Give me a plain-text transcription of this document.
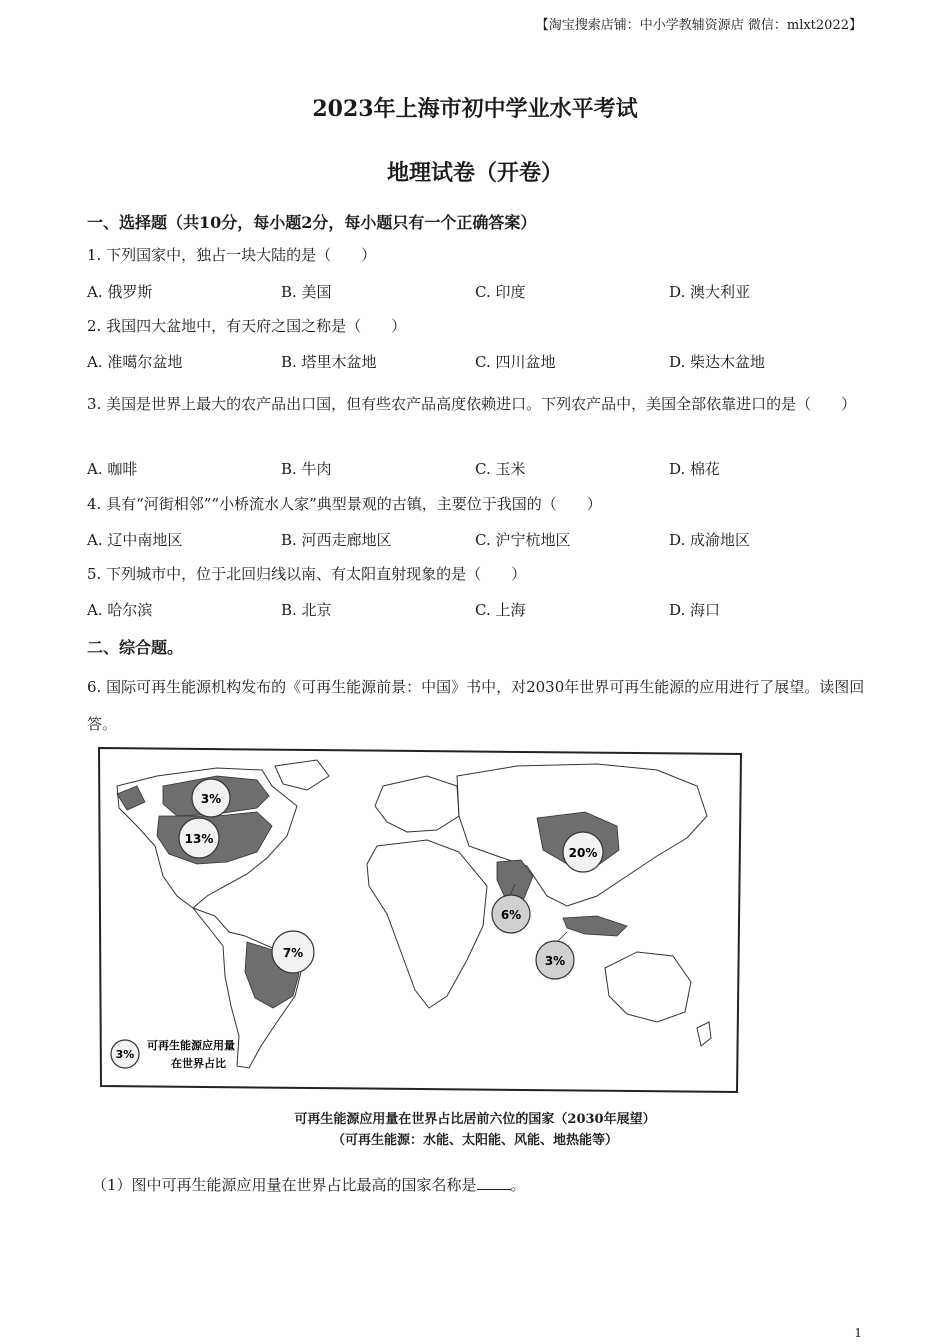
【淘宝搜索店铺：中小学教辅资源店 微信：mlxt2022】
2023年上海市初中学业水平考试
地理试卷（开卷）
一、选择题（共10分，每小题2分，每小题只有一个正确答案）
1. 下列国家中，独占一块大陆的是（　　）
A. 俄罗斯	B. 美国	C. 印度	D. 澳大利亚
2. 我国四大盆地中，有天府之国之称是（　　）
A. 准噶尔盆地	B. 塔里木盆地	C. 四川盆地	D. 柴达木盆地
3. 美国是世界上最大的农产品出口国，但有些农产品高度依赖进口。下列农产品中，美国全部依靠进口的是（　　）
A. 咖啡	B. 牛肉	C. 玉米	D. 棉花
4. 具有“河街相邻”“小桥流水人家”典型景观的古镇，主要位于我国的（　　）
A. 辽中南地区	B. 河西走廊地区	C. 沪宁杭地区	D. 成渝地区
5. 下列城市中，位于北回归线以南、有太阳直射现象的是（　　）
A. 哈尔滨	B. 北京	C. 上海	D. 海口
二、综合题。
6. 国际可再生能源机构发布的《可再生能源前景：中国》书中，对2030年世界可再生能源的应用进行了展望。读图回答。
3%
13%
7%
20%
6%
3%
3%
可再生能源应用量
在世界占比
可再生能源应用量在世界占比居前六位的国家（2030年展望）
（可再生能源：水能、太阳能、风能、地热能等）
（1）图中可再生能源应用量在世界占比最高的国家名称是 。
1
